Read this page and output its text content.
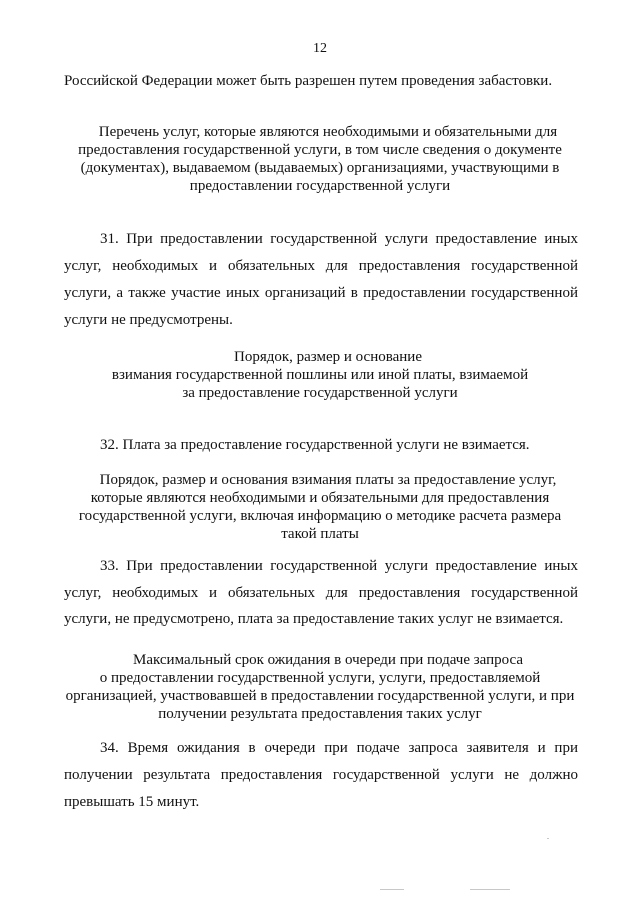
12
Российской Федерации может быть разрешен путем проведения забастовки.
Перечень услуг, которые являются необходимыми и обязательными для
предоставления государственной услуги, в том числе сведения о документе
(документах), выдаваемом (выдаваемых) организациями, участвующими в
предоставлении государственной услуги
31. При предоставлении государственной услуги предоставление иных
услуг, необходимых и обязательных для предоставления государственной
услуги, а также участие иных организаций в предоставлении государственной
услуги не предусмотрены.
Порядок, размер и основание
взимания государственной пошлины или иной платы, взимаемой
за предоставление государственной услуги
32. Плата за предоставление государственной услуги не взимается.
Порядок, размер и основания взимания платы за предоставление услуг,
которые являются необходимыми и обязательными для предоставления
государственной услуги, включая информацию о методике расчета размера
такой платы
33. При предоставлении государственной услуги предоставление иных
услуг, необходимых и обязательных для предоставления государственной
услуги, не предусмотрено, плата за предоставление таких услуг не взимается.
Максимальный срок ожидания в очереди при подаче запроса
о предоставлении государственной услуги, услуги, предоставляемой
организацией, участвовавшей в предоставлении государственной услуги, и при
получении результата предоставления таких услуг
34. Время ожидания в очереди при подаче запроса заявителя и при
получении результата предоставления государственной услуги не должно
превышать 15 минут.
